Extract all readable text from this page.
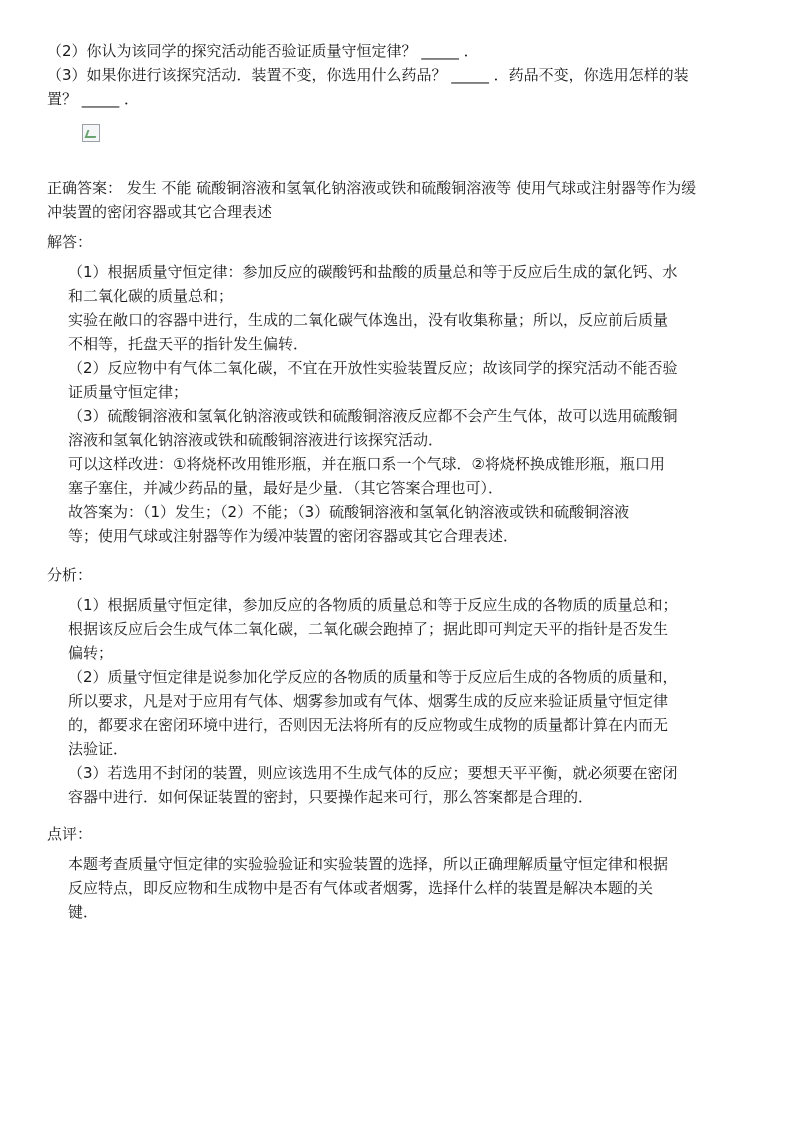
（2）你认为该同学的探究活动能否验证质量守恒定律？ _____ ．
（3）如果你进行该探究活动．装置不变，你选用什么药品？ _____ ．药品不变，你选用怎样的装
置？ _____ ．
正确答案： 发生 不能 硫酸铜溶液和氢氧化钠溶液或铁和硫酸铜溶液等 使用气球或注射器等作为缓
冲装置的密闭容器或其它合理表述
解答：
（1）根据质量守恒定律：参加反应的碳酸钙和盐酸的质量总和等于反应后生成的氯化钙、水
和二氧化碳的质量总和；
实验在敞口的容器中进行，生成的二氧化碳气体逸出，没有收集称量；所以，反应前后质量
不相等，托盘天平的指针发生偏转．
（2）反应物中有气体二氧化碳，不宜在开放性实验装置反应；故该同学的探究活动不能否验
证质量守恒定律；
（3）硫酸铜溶液和氢氧化钠溶液或铁和硫酸铜溶液反应都不会产生气体，故可以选用硫酸铜
溶液和氢氧化钠溶液或铁和硫酸铜溶液进行该探究活动．
可以这样改进：①将烧杯改用锥形瓶，并在瓶口系一个气球．②将烧杯换成锥形瓶，瓶口用
塞子塞住，并减少药品的量，最好是少量．（其它答案合理也可）．
故答案为：（1）发生；（2）不能；（3）硫酸铜溶液和氢氧化钠溶液或铁和硫酸铜溶液
等；使用气球或注射器等作为缓冲装置的密闭容器或其它合理表述．
分析：
（1）根据质量守恒定律，参加反应的各物质的质量总和等于反应生成的各物质的质量总和；
根据该反应后会生成气体二氧化碳，二氧化碳会跑掉了；据此即可判定天平的指针是否发生
偏转；
（2）质量守恒定律是说参加化学反应的各物质的质量和等于反应后生成的各物质的质量和，
所以要求，凡是对于应用有气体、烟雾参加或有气体、烟雾生成的反应来验证质量守恒定律
的，都要求在密闭环境中进行，否则因无法将所有的反应物或生成物的质量都计算在内而无
法验证．
（3）若选用不封闭的装置，则应该选用不生成气体的反应；要想天平平衡，就必须要在密闭
容器中进行．如何保证装置的密封，只要操作起来可行，那么答案都是合理的．
点评：
本题考查质量守恒定律的实验验验证和实验装置的选择，所以正确理解质量守恒定律和根据
反应特点，即反应物和生成物中是否有气体或者烟雾，选择什么样的装置是解决本题的关
键．
